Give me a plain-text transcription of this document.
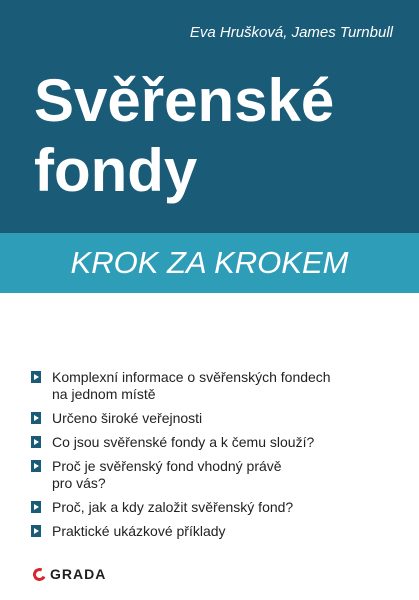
Eva Hrušková, James Turnbull
Svěřenské
fondy
KROK ZA KROKEM
Komplexní informace o svěřenských fondech
na jednom místě
Určeno široké veřejnosti
Co jsou svěřenské fondy a k čemu slouží?
Proč je svěřenský fond vhodný právě
pro vás?
Proč, jak a kdy založit svěřenský fond?
Praktické ukázkové příklady
GRADA
